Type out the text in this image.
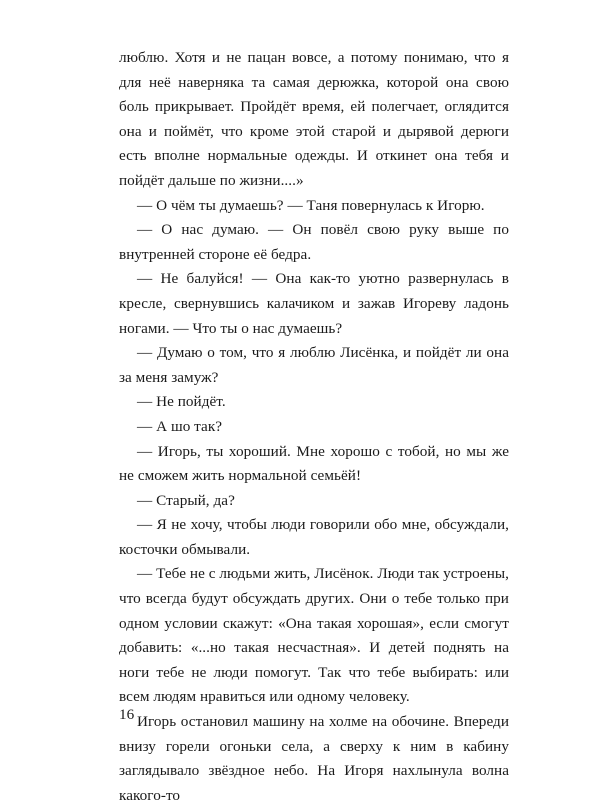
люблю. Хотя и не пацан вовсе, а потому понимаю, что я для неё наверняка та самая дерюжка, которой она свою боль прикрывает. Пройдёт время, ей полегчает, оглядится она и поймёт, что кроме этой старой и дырявой дерюги есть вполне нормальные одежды. И откинет она тебя и пойдёт дальше по жизни....»

— О чём ты думаешь? — Таня повернулась к Игорю.

— О нас думаю. — Он повёл свою руку выше по внутренней стороне её бедра.

— Не балуйся! — Она как-то уютно развернулась в кресле, свернувшись калачиком и зажав Игореву ладонь ногами. — Что ты о нас думаешь?

— Думаю о том, что я люблю Лисёнка, и пойдёт ли она за меня замуж?

— Не пойдёт.

— А шо так?

— Игорь, ты хороший. Мне хорошо с тобой, но мы же не сможем жить нормальной семьёй!

— Старый, да?

— Я не хочу, чтобы люди говорили обо мне, обсуждали, косточки обмывали.

— Тебе не с людьми жить, Лисёнок. Люди так устроены, что всегда будут обсуждать других. Они о тебе только при одном условии скажут: «Она такая хорошая», если смогут добавить: «...но такая несчастная». И детей поднять на ноги тебе не люди помогут. Так что тебе выбирать: или всем людям нравиться или одному человеку.

Игорь остановил машину на холме на обочине. Впереди внизу горели огоньки села, а сверху к ним в кабину заглядывало звёздное небо. На Игоря нахлынула волна какого-то

16
